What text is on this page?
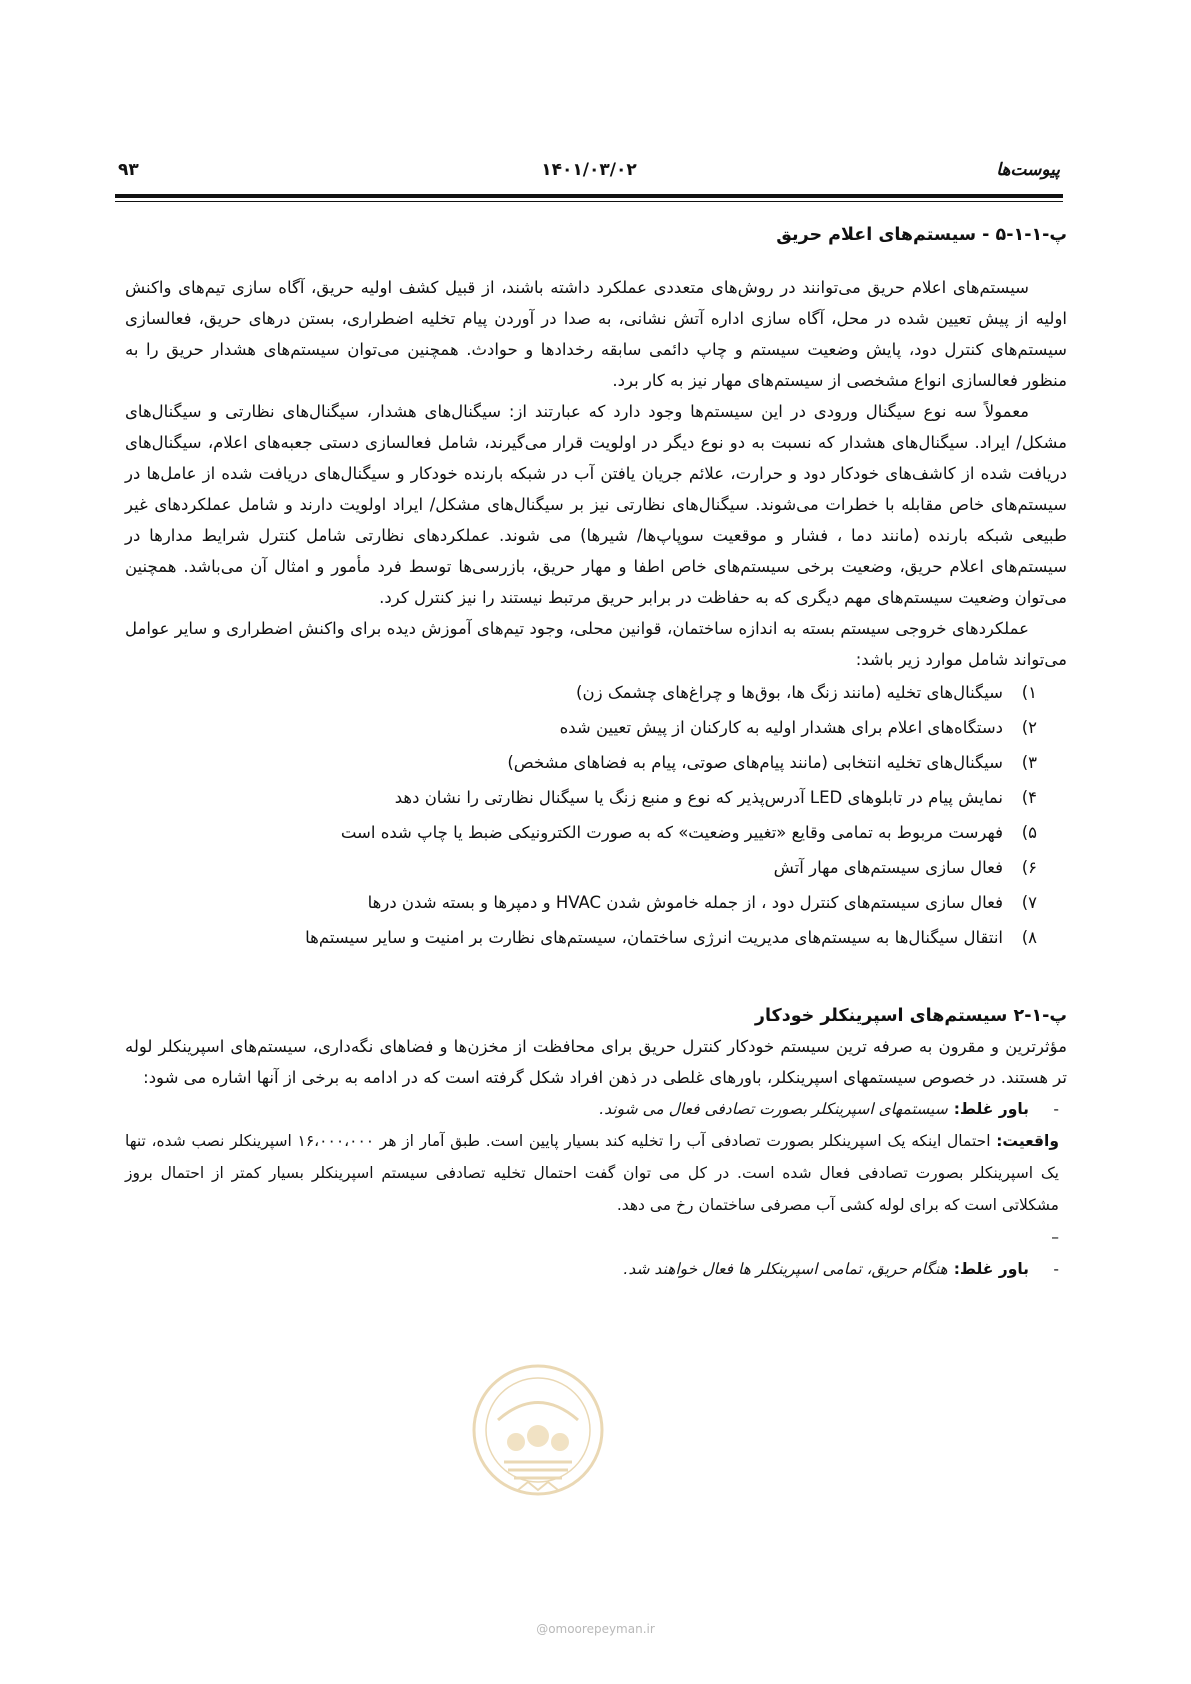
پیوست‌ها
۱۴۰۱/۰۳/۰۲
۹۳
پ-۱-۱-۵ - سیستم‌های اعلام حریق

سیستم‌های اعلام حریق می‌توانند در روش‌های متعددی عملکرد داشته باشند، از قبیل کشف اولیه حریق، آگاه سازی تیم‌های واکنش اولیه از پیش تعیین شده در محل، آگاه سازی اداره آتش نشانی، به صدا در آوردن پیام تخلیه اضطراری، بستن درهای حریق، فعالسازی سیستم‌های کنترل دود، پایش وضعیت سیستم و چاپ دائمی سابقه رخدادها و حوادث. همچنین می‌توان سیستم‌های هشدار حریق را به منظور فعالسازی انواع مشخصی از سیستم‌های مهار نیز به کار برد.

معمولاً سه نوع سیگنال ورودی در این سیستم‌ها وجود دارد که عبارتند از: سیگنال‌های هشدار، سیگنال‌های نظارتی و سیگنال‌های مشکل/ ایراد. سیگنال‌های هشدار که نسبت به دو نوع دیگر در اولویت قرار می‌گیرند، شامل فعالسازی دستی جعبه‌های اعلام، سیگنال‌های دریافت شده از کاشف‌های خودکار دود و حرارت، علائم جریان یافتن آب در شبکه بارنده خودکار و سیگنال‌های دریافت شده از عامل‌ها در سیستم‌های خاص مقابله با خطرات می‌شوند. سیگنال‌های نظارتی نیز بر سیگنال‌های مشکل/ ایراد اولویت دارند و شامل عملکردهای غیر طبیعی شبکه بارنده (مانند دما ، فشار و موقعیت سوپاپ‌ها/ شیرها) می شوند. عملکردهای نظارتی شامل کنترل شرایط مدارها در سیستم‌های اعلام حریق، وضعیت برخی سیستم‌های خاص اطفا و مهار حریق، بازرسی‌ها توسط فرد مأمور و امثال آن می‌باشد. همچنین می‌توان وضعیت سیستم‌های مهم دیگری که به حفاظت در برابر حریق مرتبط نیستند را نیز کنترل کرد.

عملکردهای خروجی سیستم بسته به اندازه ساختمان، قوانین محلی، وجود تیم‌های آموزش دیده برای واکنش اضطراری و سایر عوامل می‌تواند شامل موارد زیر باشد:

۱)
سیگنال‌های تخلیه (مانند زنگ ها، بوق‌ها و چراغ‌های چشمک زن)
۲)
دستگاه‌های اعلام برای هشدار اولیه به کارکنان از پیش تعیین شده
۳)
سیگنال‌های تخلیه انتخابی (مانند پیام‌های صوتی، پیام به فضاهای مشخص)
۴)
نمایش پیام در تابلوهای LED آدرس‌پذیر که نوع و منبع زنگ یا سیگنال نظارتی را نشان دهد
۵)
فهرست مربوط به تمامی وقایع «تغییر وضعیت» که به صورت الکترونیکی ضبط یا چاپ شده است
۶)
فعال سازی سیستم‌های مهار آتش
۷)
فعال سازی سیستم‌های کنترل دود ، از جمله خاموش شدن HVAC و دمپرها و بسته شدن درها
۸)
انتقال سیگنال‌ها به سیستم‌های مدیریت انرژی ساختمان، سیستم‌های نظارت بر امنیت و سایر سیستم‌ها
پ-۱-۲ سیستم‌های اسپرینکلر خودکار

مؤثرترین و مقرون به صرفه ترین سیستم خودکار کنترل حریق برای محافظت از مخزن‌ها و فضاهای نگه‌داری، سیستم‌های اسپرینکلر لوله تر هستند. در خصوص سیستمهای اسپرینکلر، باورهای غلطی در ذهن افراد شکل گرفته است که در ادامه به برخی از آنها اشاره می شود:

-
باور غلط:سیستمهای اسپرینکلر بصورت تصادفی فعال می شوند.

واقعیت: احتمال اینکه یک اسپرینکلر بصورت تصادفی آب را تخلیه کند بسیار پایین است. طبق آمار از هر ۱۶،۰۰۰،۰۰۰ اسپرینکلر نصب شده، تنها یک اسپرینکلر بصورت تصادفی فعال شده است. در کل می توان گفت احتمال تخلیه تصادفی سیستم اسپرینکلر بسیار کمتر از احتمال بروز مشکلاتی است که برای لوله کشی آب مصرفی ساختمان رخ می دهد.

–
-
باور غلط:هنگام حریق، تمامی اسپرینکلر ها فعال خواهند شد.
@omoorepeyman.ir
